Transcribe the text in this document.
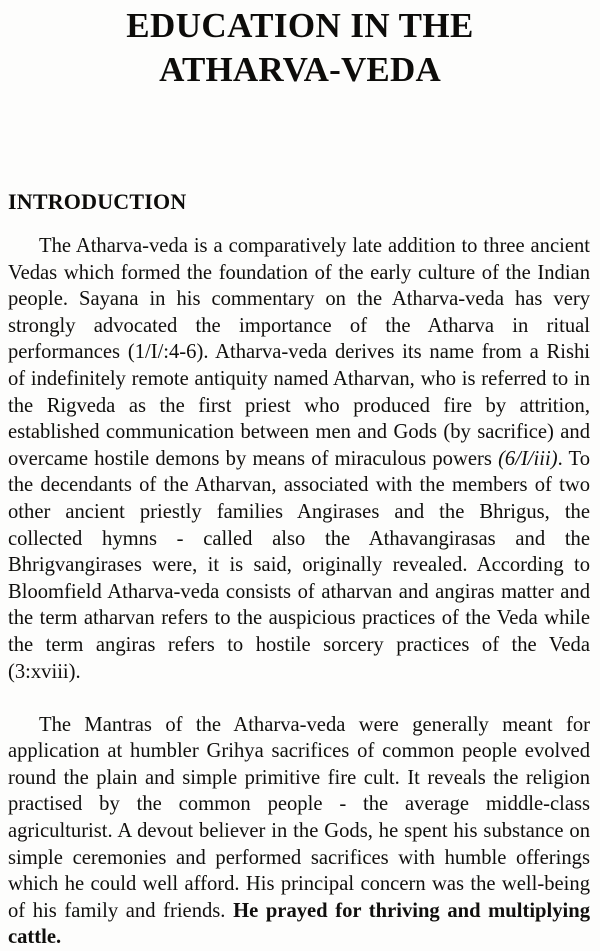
EDUCATION IN THE
ATHARVA-VEDA
INTRODUCTION

The Atharva-veda is a comparatively late addition to three ancient Vedas which formed the foundation of the early culture of the Indian people. Sayana in his commentary on the Atharva-veda has very strongly advocated the importance of the Atharva in ritual performances (1/I/:4-6). Atharva-veda derives its name from a Rishi of indefinitely remote antiquity named Atharvan, who is referred to in the Rigveda as the first priest who produced fire by attrition, established communication between men and Gods (by sacrifice) and overcame hostile demons by means of miraculous powers (6/I/iii). To the decendants of the Atharvan, associated with the members of two other ancient priestly families Angirases and the Bhrigus, the collected hymns - called also the Athavangirasas and the Bhrigvangirases were, it is said, originally revealed. According to Bloomfield Atharva-veda consists of atharvan and angiras matter and the term atharvan refers to the auspicious practices of the Veda while the term angiras refers to hostile sorcery practices of the Veda (3:xviii).

The Mantras of the Atharva-veda were generally meant for application at humbler Grihya sacrifices of common people evolved round the plain and simple primitive fire cult. It reveals the religion practised by the common people - the average middle-class agriculturist. A devout believer in the Gods, he spent his substance on simple ceremonies and performed sacrifices with humble offerings which he could well afford. His principal concern was the well-being of his family and friends. He prayed for thriving and multiplying cattle.
